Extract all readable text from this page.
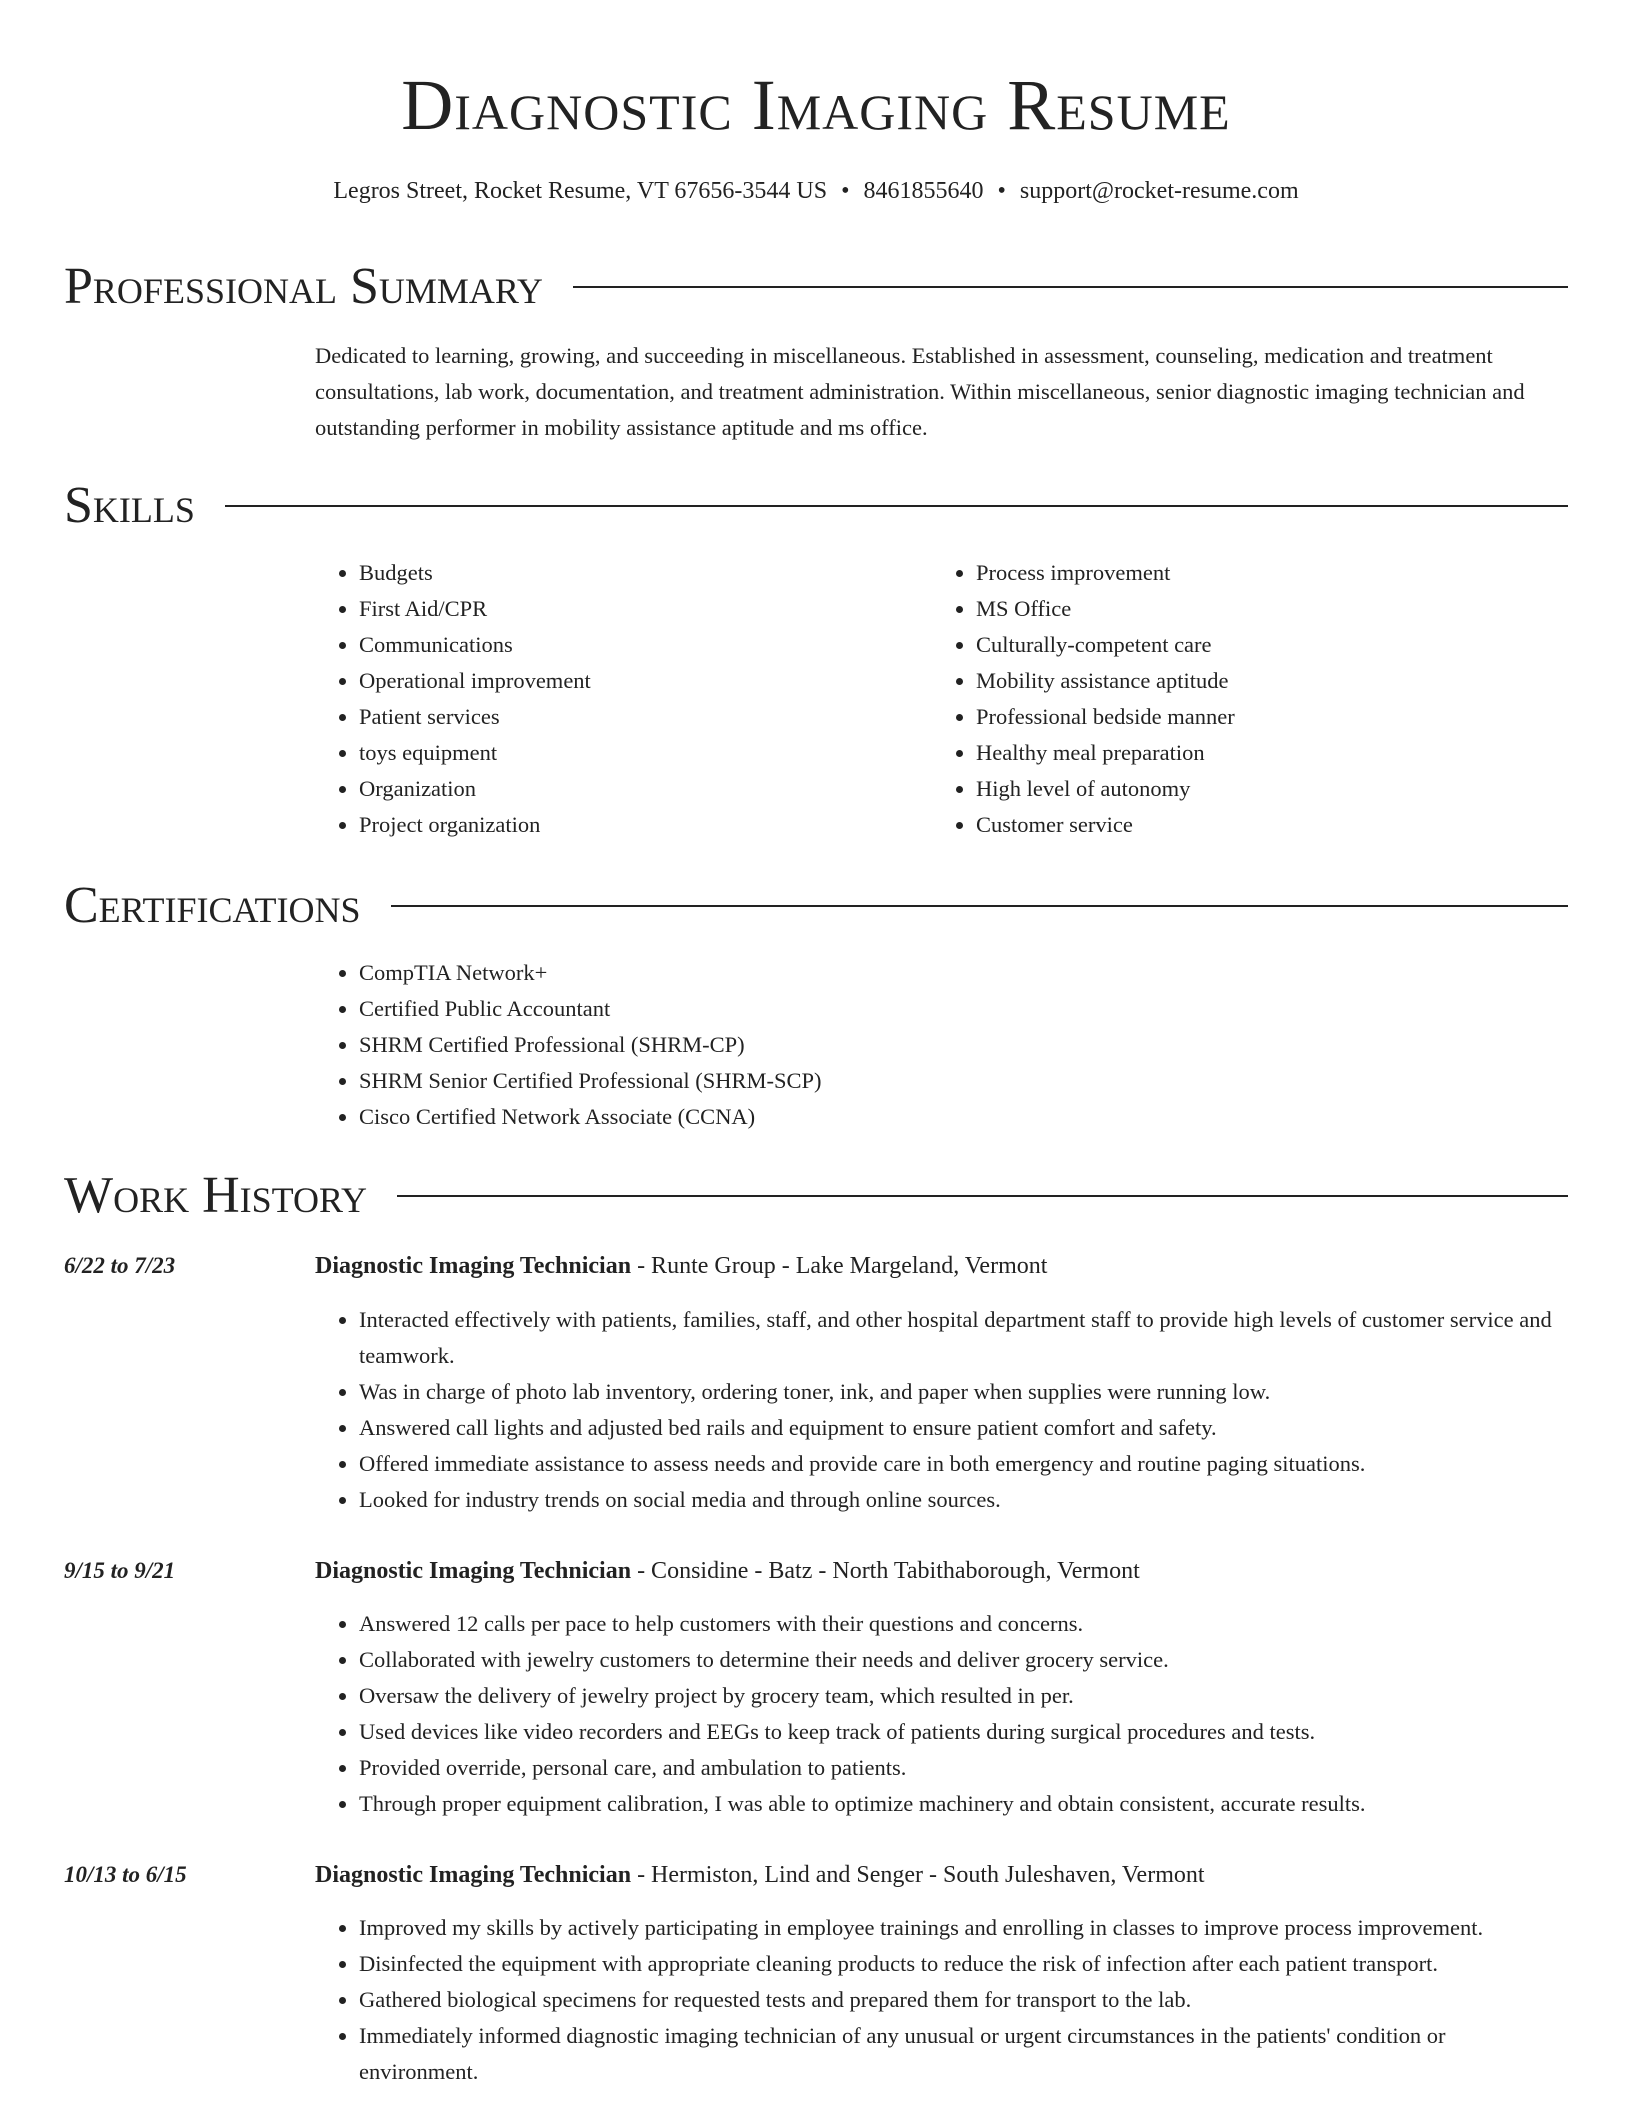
Diagnostic Imaging Resume
Legros Street, Rocket Resume, VT 67656-3544 US • 8461855640 • support@rocket-resume.com
Professional Summary
Dedicated to learning, growing, and succeeding in miscellaneous. Established in assessment, counseling, medication and treatment consultations, lab work, documentation, and treatment administration. Within miscellaneous, senior diagnostic imaging technician and outstanding performer in mobility assistance aptitude and ms office.
Skills
• Budgets
• First Aid/CPR
• Communications
• Operational improvement
• Patient services
• toys equipment
• Organization
• Project organization
• Process improvement
• MS Office
• Culturally-competent care
• Mobility assistance aptitude
• Professional bedside manner
• Healthy meal preparation
• High level of autonomy
• Customer service
Certifications
• CompTIA Network+
• Certified Public Accountant
• SHRM Certified Professional (SHRM-CP)
• SHRM Senior Certified Professional (SHRM-SCP)
• Cisco Certified Network Associate (CCNA)
Work History
6/22 to 7/23	Diagnostic Imaging Technician - Runte Group - Lake Margeland, Vermont
• Interacted effectively with patients, families, staff, and other hospital department staff to provide high levels of customer service and teamwork.
• Was in charge of photo lab inventory, ordering toner, ink, and paper when supplies were running low.
• Answered call lights and adjusted bed rails and equipment to ensure patient comfort and safety.
• Offered immediate assistance to assess needs and provide care in both emergency and routine paging situations.
• Looked for industry trends on social media and through online sources.
9/15 to 9/21	Diagnostic Imaging Technician - Considine - Batz - North Tabithaborough, Vermont
• Answered 12 calls per pace to help customers with their questions and concerns.
• Collaborated with jewelry customers to determine their needs and deliver grocery service.
• Oversaw the delivery of jewelry project by grocery team, which resulted in per.
• Used devices like video recorders and EEGs to keep track of patients during surgical procedures and tests.
• Provided override, personal care, and ambulation to patients.
• Through proper equipment calibration, I was able to optimize machinery and obtain consistent, accurate results.
10/13 to 6/15	Diagnostic Imaging Technician - Hermiston, Lind and Senger - South Juleshaven, Vermont
• Improved my skills by actively participating in employee trainings and enrolling in classes to improve process improvement.
• Disinfected the equipment with appropriate cleaning products to reduce the risk of infection after each patient transport.
• Gathered biological specimens for requested tests and prepared them for transport to the lab.
• Immediately informed diagnostic imaging technician of any unusual or urgent circumstances in the patients' condition or environment.
